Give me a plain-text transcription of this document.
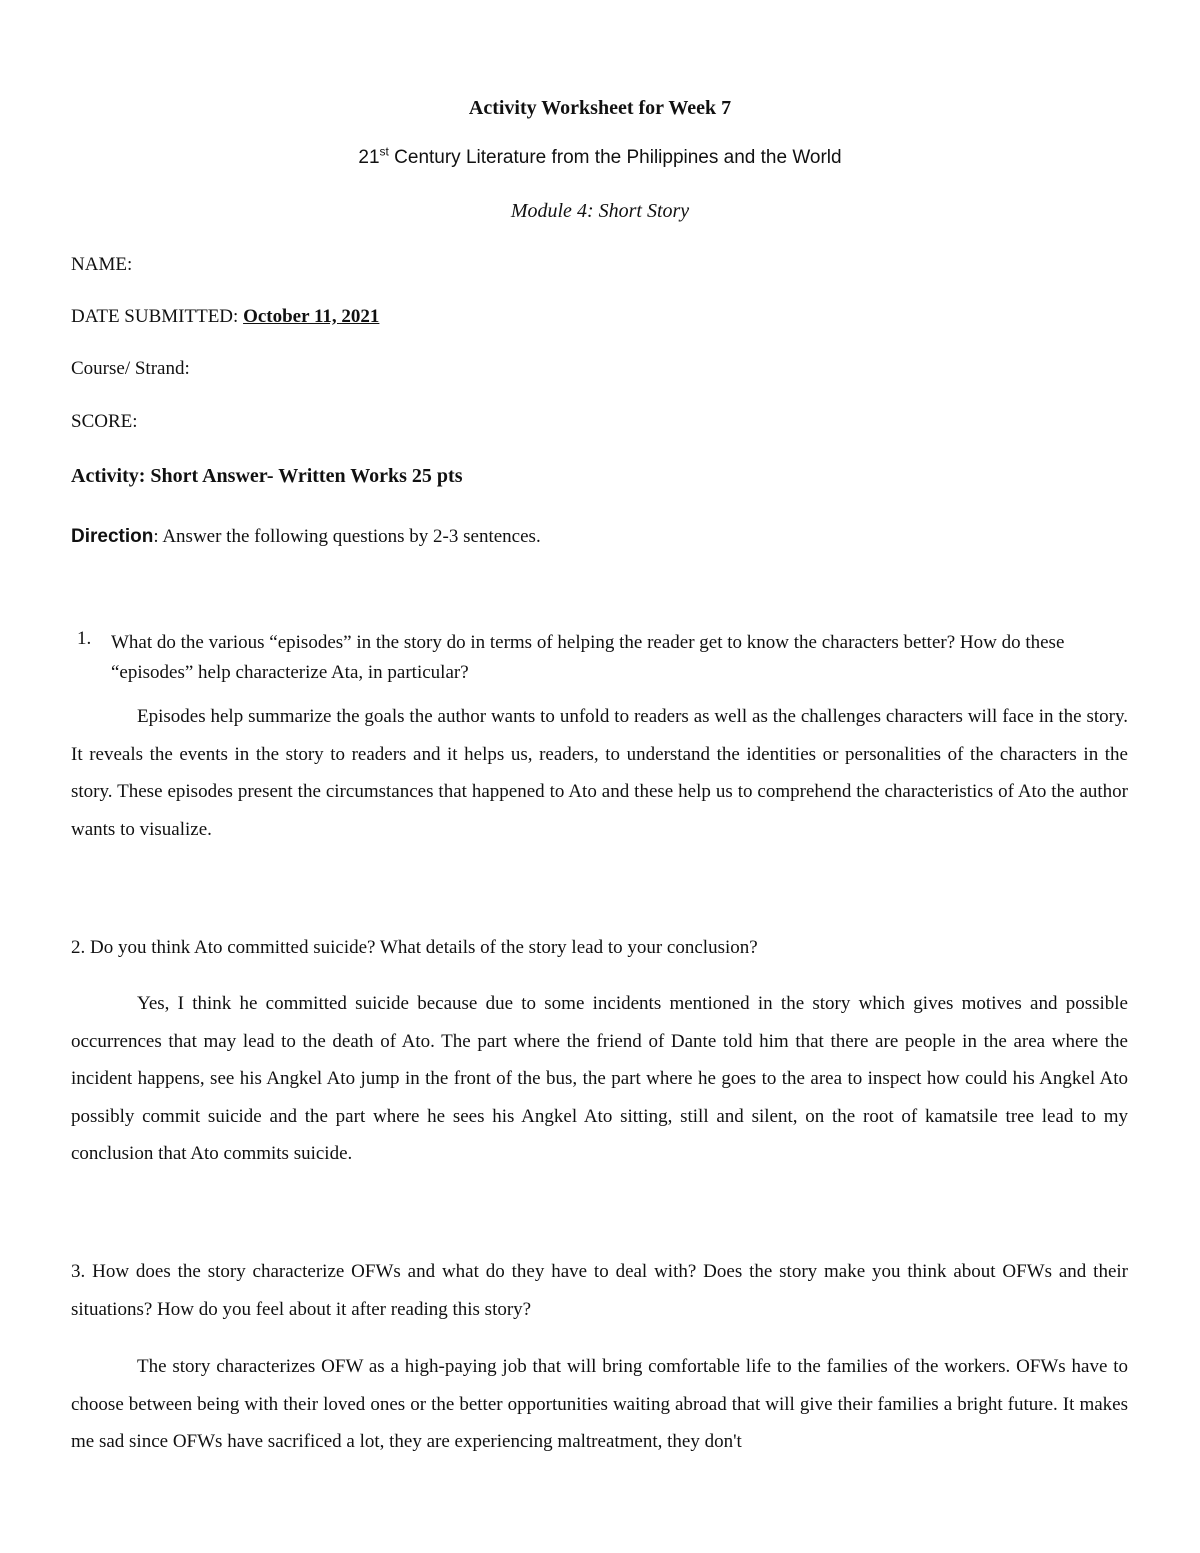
Activity Worksheet for Week 7
21st Century Literature from the Philippines and the World
Module 4: Short Story
NAME:
DATE SUBMITTED: October 11, 2021
Course/ Strand:
SCORE:
Activity: Short Answer- Written Works 25 pts
Direction: Answer the following questions by 2-3 sentences.
1. What do the various “episodes” in the story do in terms of helping the reader get to know the characters better? How do these “episodes” help characterize Ata, in particular?
Episodes help summarize the goals the author wants to unfold to readers as well as the challenges characters will face in the story. It reveals the events in the story to readers and it helps us, readers, to understand the identities or personalities of the characters in the story. These episodes present the circumstances that happened to Ato and these help us to comprehend the characteristics of Ato the author wants to visualize.
2. Do you think Ato committed suicide? What details of the story lead to your conclusion?
Yes, I think he committed suicide because due to some incidents mentioned in the story which gives motives and possible occurrences that may lead to the death of Ato. The part where the friend of Dante told him that there are people in the area where the incident happens, see his Angkel Ato jump in the front of the bus, the part where he goes to the area to inspect how could his Angkel Ato possibly commit suicide and the part where he sees his Angkel Ato sitting, still and silent, on the root of kamatsile tree lead to my conclusion that Ato commits suicide.
3. How does the story characterize OFWs and what do they have to deal with? Does the story make you think about OFWs and their situations? How do you feel about it after reading this story?
The story characterizes OFW as a high-paying job that will bring comfortable life to the families of the workers. OFWs have to choose between being with their loved ones or the better opportunities waiting abroad that will give their families a bright future. It makes me sad since OFWs have sacrificed a lot, they are experiencing maltreatment, they don't
